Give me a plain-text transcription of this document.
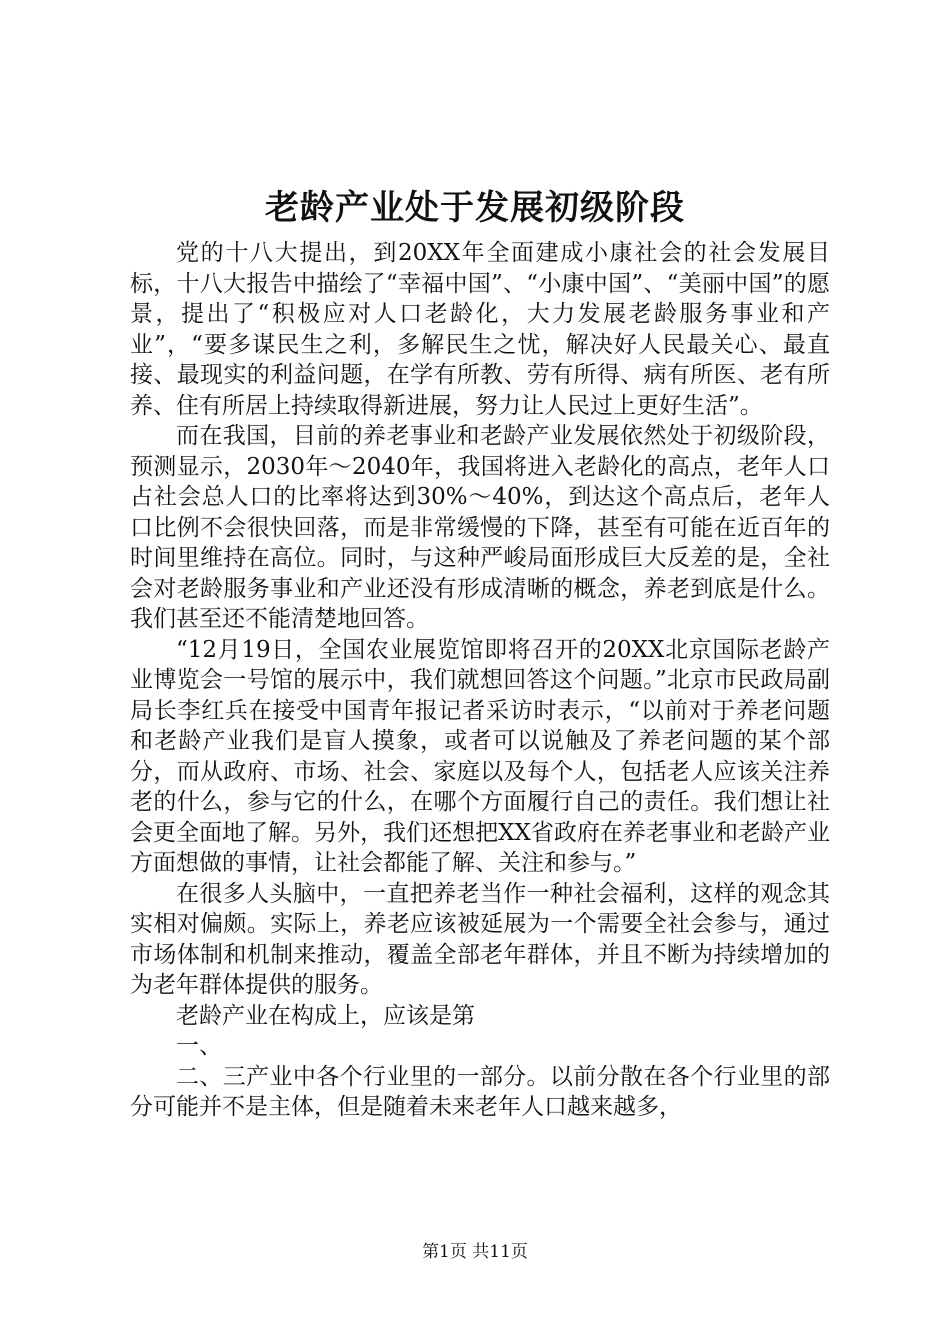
老龄产业处于发展初级阶段

党的十八大提出，到20XX年全面建成小康社会的社会发展目标，十八大报告中描绘了“幸福中国”、“小康中国”、“美丽中国”的愿景，提出了“积极应对人口老龄化，大力发展老龄服务事业和产业”，“要多谋民生之利，多解民生之忧，解决好人民最关心、最直接、最现实的利益问题，在学有所教、劳有所得、病有所医、老有所养、住有所居上持续取得新进展，努力让人民过上更好生活”。

而在我国，目前的养老事业和老龄产业发展依然处于初级阶段，预测显示，2030年～2040年，我国将进入老龄化的高点，老年人口占社会总人口的比率将达到30%～40%，到达这个高点后，老年人口比例不会很快回落，而是非常缓慢的下降，甚至有可能在近百年的时间里维持在高位。同时，与这种严峻局面形成巨大反差的是，全社会对老龄服务事业和产业还没有形成清晰的概念，养老到底是什么。我们甚至还不能清楚地回答。

“12月19日，全国农业展览馆即将召开的20XX北京国际老龄产业博览会一号馆的展示中，我们就想回答这个问题。”北京市民政局副局长李红兵在接受中国青年报记者采访时表示，“以前对于养老问题和老龄产业我们是盲人摸象，或者可以说触及了养老问题的某个部分，而从政府、市场、社会、家庭以及每个人，包括老人应该关注养老的什么，参与它的什么，在哪个方面履行自己的责任。我们想让社会更全面地了解。另外，我们还想把XX省政府在养老事业和老龄产业方面想做的事情，让社会都能了解、关注和参与。”

在很多人头脑中，一直把养老当作一种社会福利，这样的观念其实相对偏颇。实际上，养老应该被延展为一个需要全社会参与，通过市场体制和机制来推动，覆盖全部老年群体，并且不断为持续增加的为老年群体提供的服务。

老龄产业在构成上，应该是第

一、

二、三产业中各个行业里的一部分。以前分散在各个行业里的部分可能并不是主体，但是随着未来老年人口越来越多，

第1页 共11页
